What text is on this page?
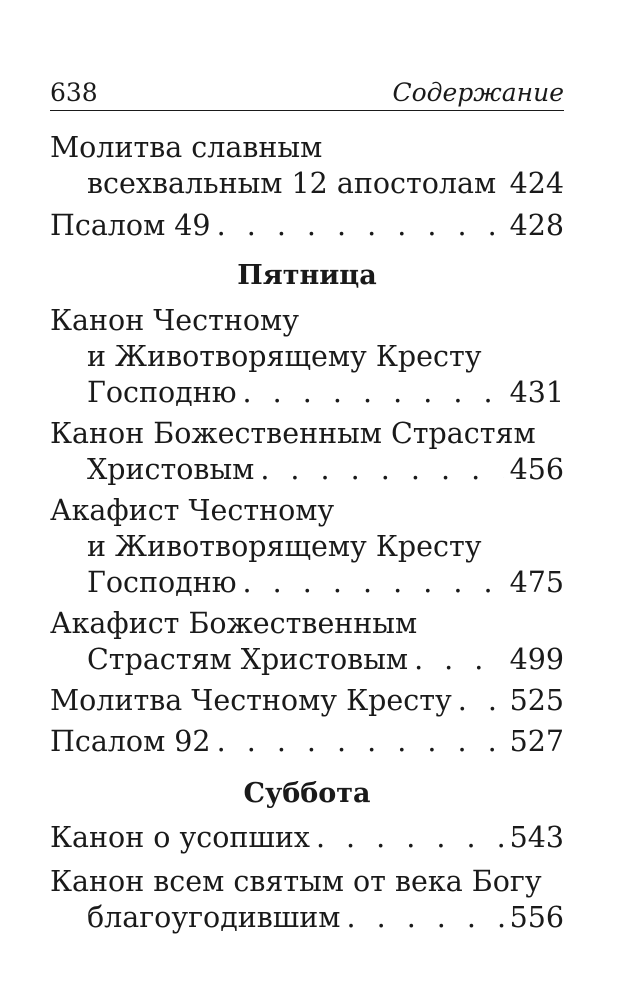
638	Содержание
Молитва славным
всехвальным 12 апостолам 424
Псалом 49 . . .	428
Пятница
Канон Честному
и Животворящему Кресту
Господню . . .	431
Канон Божественным Страстям
Христовым . . .	456
Акафист Честному
и Животворящему Кресту
Господню . . .	475
Акафист Божественным
Страстям Христовым . . .	499
Молитва Честному Кресту . . . 525
Псалом 92 . . .	527
Суббота
Канон о усопших . . .	543
Канон всем святым от века Богу
благоугодившим . . .	556
